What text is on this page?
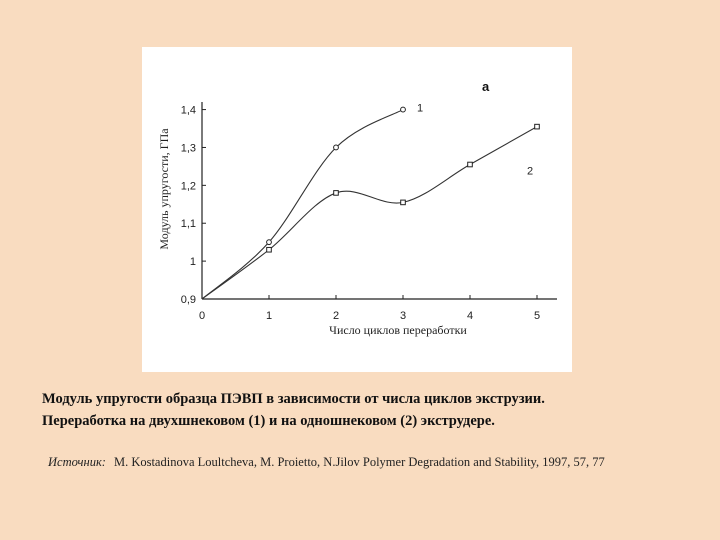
0,9
1
1,1
1,2
1,3
1,4
0	1	2	3	4	5
1
2
а
Модуль упругости, ГПа
Число циклов переработки
Модуль упругости образца ПЭВП в зависимости от числа циклов экструзии.
Переработка на двухшнековом (1) и на одношнековом (2) экструдере.
Источник: M. Kostadinova Loultcheva, M. Proietto, N.Jilov Polymer Degradation and Stability, 1997, 57, 77
